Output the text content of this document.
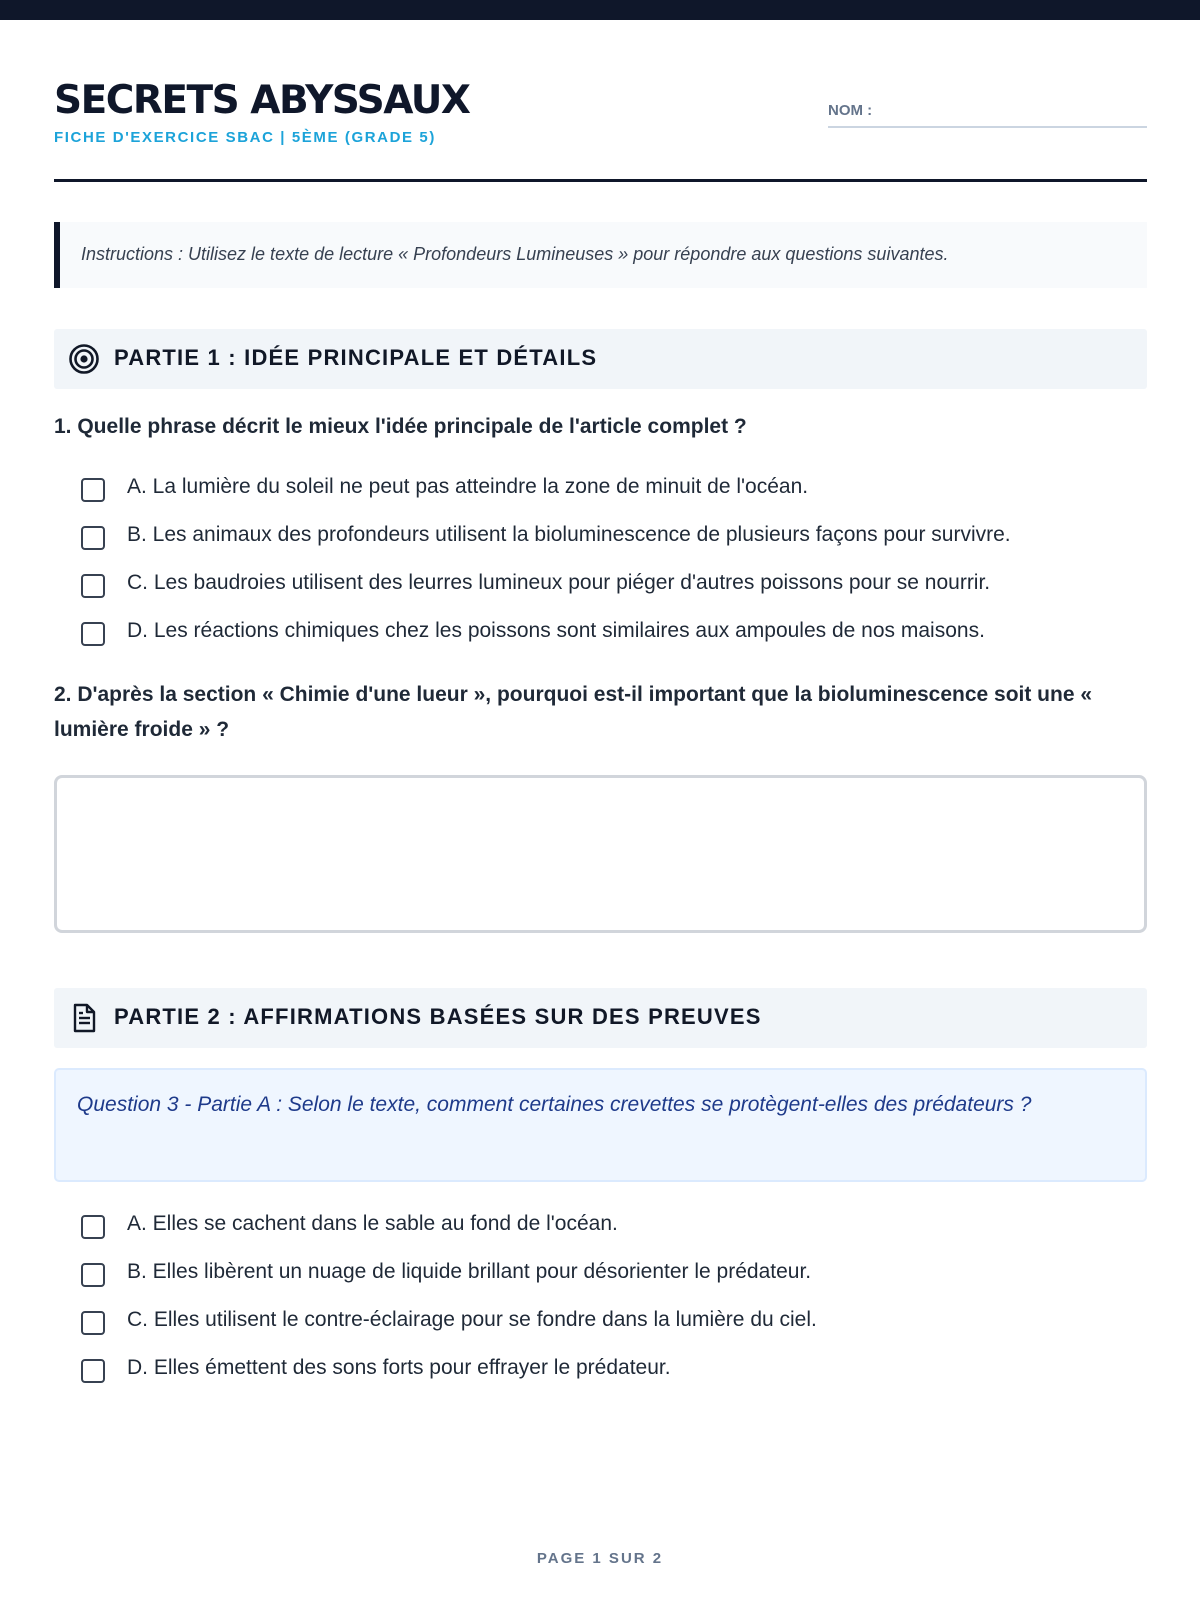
SECRETS ABYSSAUX
FICHE D'EXERCICE SBAC | 5ÈME (GRADE 5)
NOM :
Instructions : Utilisez le texte de lecture « Profondeurs Lumineuses » pour répondre aux questions suivantes.
PARTIE 1 : IDÉE PRINCIPALE ET DÉTAILS
1. Quelle phrase décrit le mieux l'idée principale de l'article complet ?
A. La lumière du soleil ne peut pas atteindre la zone de minuit de l'océan.
B. Les animaux des profondeurs utilisent la bioluminescence de plusieurs façons pour survivre.
C. Les baudroies utilisent des leurres lumineux pour piéger d'autres poissons pour se nourrir.
D. Les réactions chimiques chez les poissons sont similaires aux ampoules de nos maisons.
2. D'après la section « Chimie d'une lueur », pourquoi est-il important que la bioluminescence soit une « lumière froide » ?
PARTIE 2 : AFFIRMATIONS BASÉES SUR DES PREUVES
Question 3 - Partie A : Selon le texte, comment certaines crevettes se protègent-elles des prédateurs ?
A. Elles se cachent dans le sable au fond de l'océan.
B. Elles libèrent un nuage de liquide brillant pour désorienter le prédateur.
C. Elles utilisent le contre-éclairage pour se fondre dans la lumière du ciel.
D. Elles émettent des sons forts pour effrayer le prédateur.
PAGE 1 SUR 2
